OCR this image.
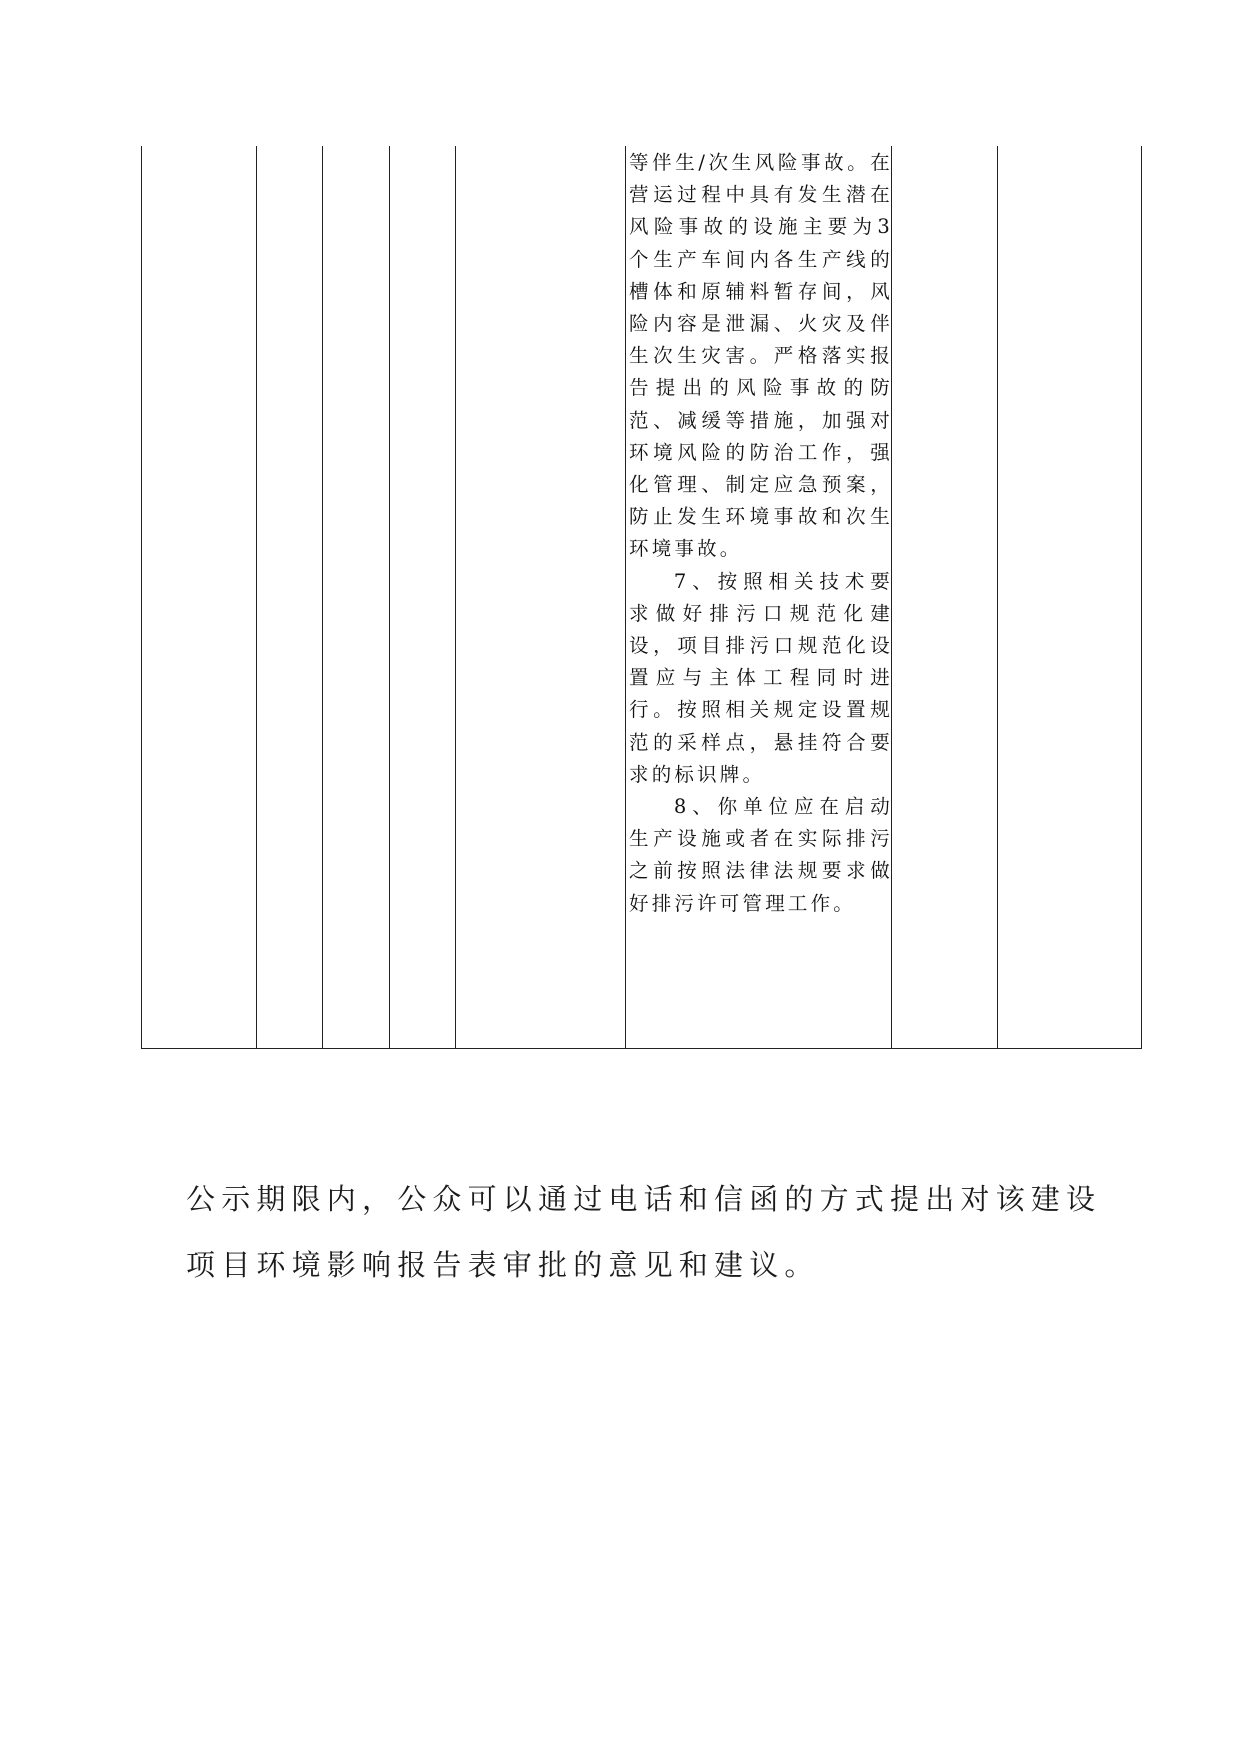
等伴生/次生风险事故。在营运过程中具有发生潜在风险事故的设施主要为3个生产车间内各生产线的槽体和原辅料暂存间，风险内容是泄漏、火灾及伴生次生灾害。严格落实报告提出的风险事故的防范、减缓等措施，加强对环境风险的防治工作，强化管理、制定应急预案，防止发生环境事故和次生环境事故。
7、按照相关技术要求做好排污口规范化建设，项目排污口规范化设置应与主体工程同时进行。按照相关规定设置规范的采样点，悬挂符合要求的标识牌。
8、你单位应在启动生产设施或者在实际排污之前按照法律法规要求做好排污许可管理工作。
公示期限内，公众可以通过电话和信函的方式提出对该建设
项目环境影响报告表审批的意见和建议。
